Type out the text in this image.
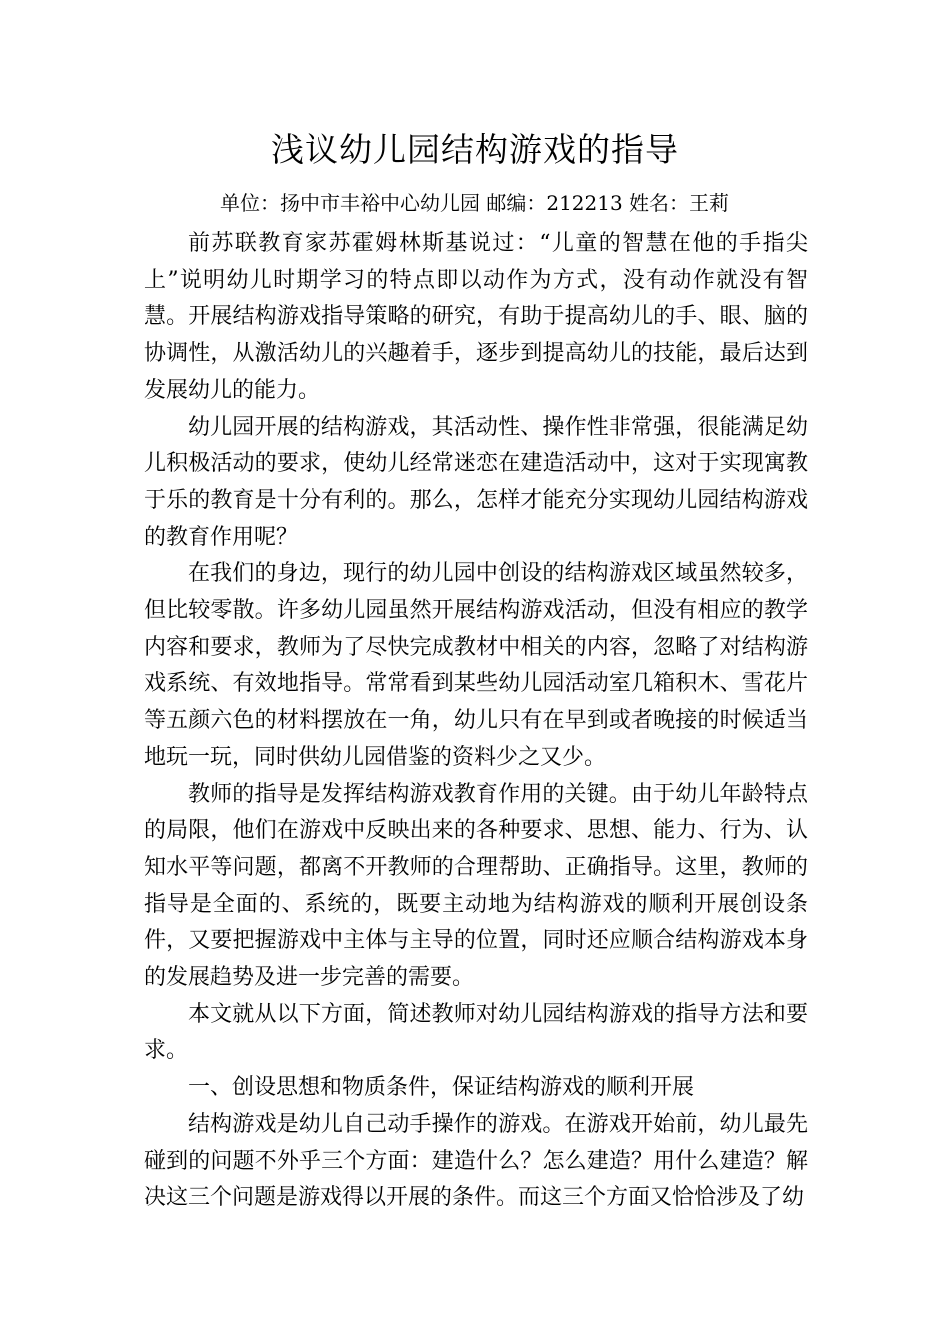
浅议幼儿园结构游戏的指导
单位：扬中市丰裕中心幼儿园 邮编：212213 姓名：王莉

前苏联教育家苏霍姆林斯基说过：“儿童的智慧在他的手指尖上”说明幼儿时期学习的特点即以动作为方式，没有动作就没有智慧。开展结构游戏指导策略的研究，有助于提高幼儿的手、眼、脑的协调性，从激活幼儿的兴趣着手，逐步到提高幼儿的技能，最后达到发展幼儿的能力。

幼儿园开展的结构游戏，其活动性、操作性非常强，很能满足幼儿积极活动的要求，使幼儿经常迷恋在建造活动中，这对于实现寓教于乐的教育是十分有利的。那么，怎样才能充分实现幼儿园结构游戏的教育作用呢？

在我们的身边，现行的幼儿园中创设的结构游戏区域虽然较多，但比较零散。许多幼儿园虽然开展结构游戏活动，但没有相应的教学内容和要求，教师为了尽快完成教材中相关的内容，忽略了对结构游戏系统、有效地指导。常常看到某些幼儿园活动室几箱积木、雪花片等五颜六色的材料摆放在一角，幼儿只有在早到或者晚接的时候适当地玩一玩，同时供幼儿园借鉴的资料少之又少。

教师的指导是发挥结构游戏教育作用的关键。由于幼儿年龄特点的局限，他们在游戏中反映出来的各种要求、思想、能力、行为、认知水平等问题，都离不开教师的合理帮助、正确指导。这里，教师的指导是全面的、系统的，既要主动地为结构游戏的顺利开展创设条件，又要把握游戏中主体与主导的位置，同时还应顺合结构游戏本身的发展趋势及进一步完善的需要。

本文就从以下方面，简述教师对幼儿园结构游戏的指导方法和要求。

一、创设思想和物质条件，保证结构游戏的顺利开展

结构游戏是幼儿自己动手操作的游戏。在游戏开始前，幼儿最先碰到的问题不外乎三个方面：建造什么？怎么建造？用什么建造？解决这三个问题是游戏得以开展的条件。而这三个方面又恰恰涉及了幼
